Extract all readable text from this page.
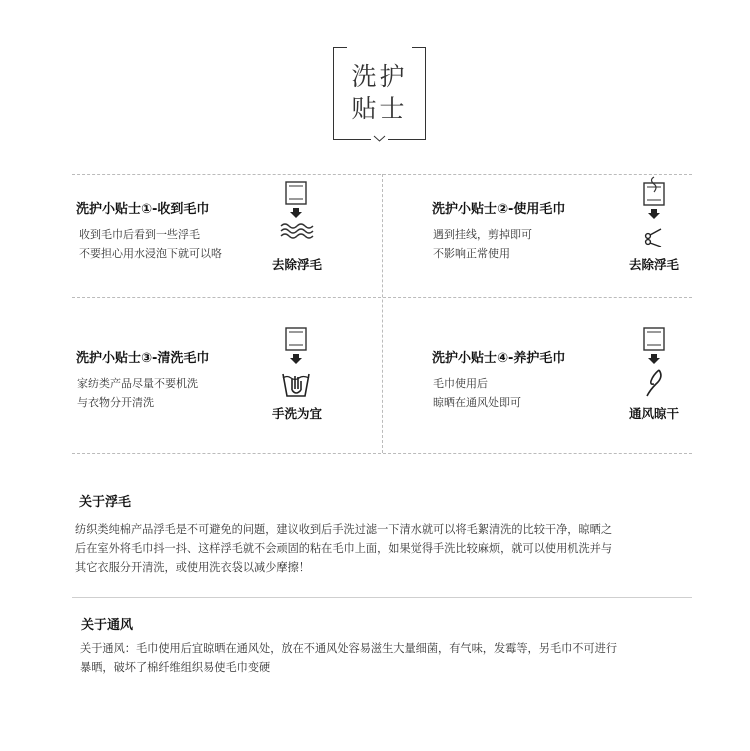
洗护
贴士
洗护小贴士①-收到毛巾
收到毛巾后看到一些浮毛
不要担心用水浸泡下就可以咯
去除浮毛
洗护小贴士②-使用毛巾
遇到挂线，剪掉即可
不影响正常使用
去除浮毛
洗护小贴士③-清洗毛巾
家纺类产品尽量不要机洗
与衣物分开清洗
手洗为宜
洗护小贴士④-养护毛巾
毛巾使用后
晾晒在通风处即可
通风晾干
关于浮毛
纺织类纯棉产品浮毛是不可避免的问题，建议收到后手洗过滤一下清水就可以将毛絮清洗的比较干净，晾晒之
后在室外将毛巾抖一抖、这样浮毛就不会顽固的粘在毛巾上面，如果觉得手洗比较麻烦，就可以使用机洗并与
其它衣服分开清洗，或使用洗衣袋以减少摩擦！
关于通风
关于通风：毛巾使用后宜晾晒在通风处，放在不通风处容易滋生大量细菌，有气味，发霉等，另毛巾不可进行
暴晒，破坏了棉纤维组织易使毛巾变硬
